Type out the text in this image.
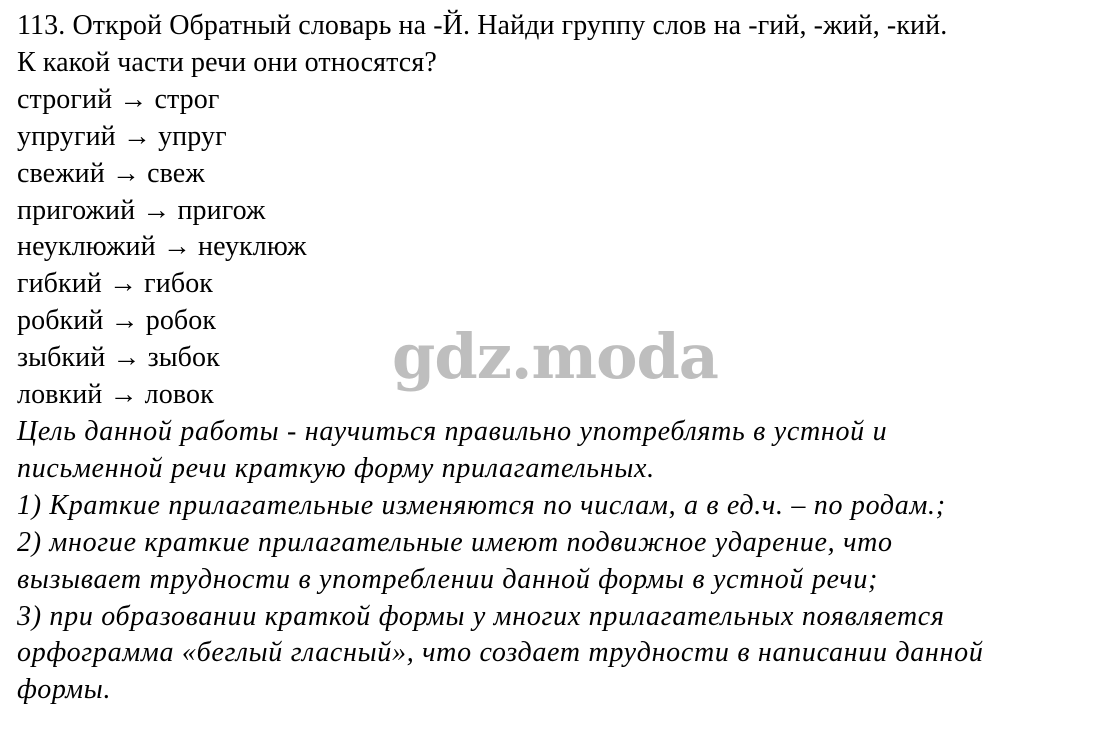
113. Открой Обратный словарь на -Й. Найди группу слов на -гий, -жий, -кий.
К какой части речи они относятся?
строгий → строг
упругий → упруг
свежий → свеж
пригожий → пригож
неуклюжий → неуклюж
гибкий → гибок
робкий → робок
зыбкий → зыбок
ловкий → ловок
Цель данной работы - научиться правильно употреблять в устной и
письменной речи краткую форму прилагательных.
1) Краткие прилагательные изменяются по числам, а в ед.ч. – по родам.;
2) многие краткие прилагательные имеют подвижное ударение, что
вызывает трудности в употреблении данной формы в устной речи;
3) при образовании краткой формы у многих прилагательных появляется
орфограмма «беглый гласный», что создает трудности в написании данной
формы.
gdz.moda
